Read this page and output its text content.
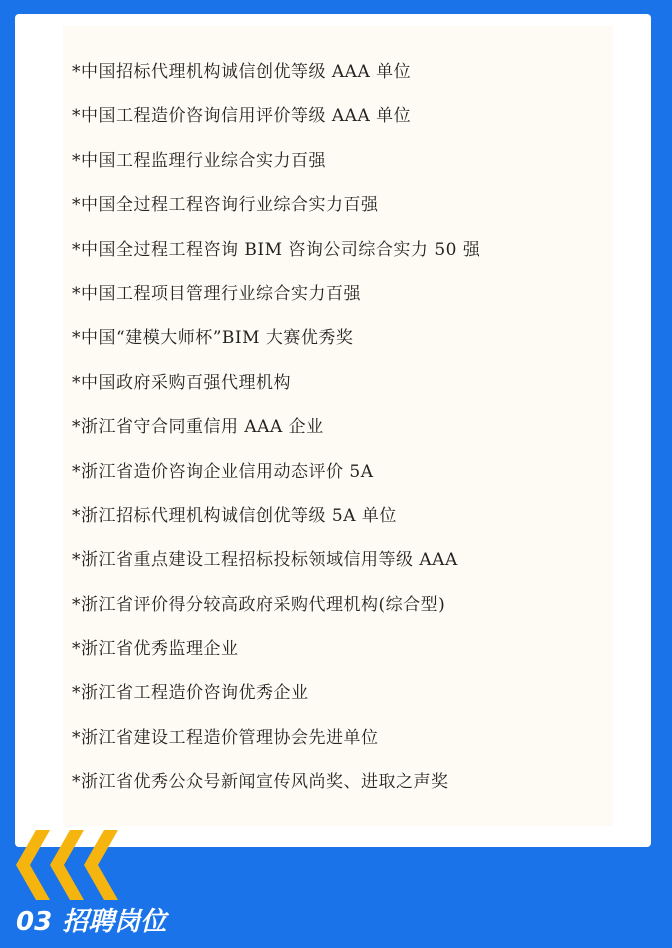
*中国招标代理机构诚信创优等级 AAA 单位
*中国工程造价咨询信用评价等级 AAA 单位
*中国工程监理行业综合实力百强
*中国全过程工程咨询行业综合实力百强
*中国全过程工程咨询 BIM 咨询公司综合实力 50 强
*中国工程项目管理行业综合实力百强
*中国“建模大师杯”BIM 大赛优秀奖
*中国政府采购百强代理机构
*浙江省守合同重信用 AAA 企业
*浙江省造价咨询企业信用动态评价 5A
*浙江招标代理机构诚信创优等级 5A 单位
*浙江省重点建设工程招标投标领域信用等级 AAA
*浙江省评价得分较高政府采购代理机构(综合型)
*浙江省优秀监理企业
*浙江省工程造价咨询优秀企业
*浙江省建设工程造价管理协会先进单位
*浙江省优秀公众号新闻宣传风尚奖、进取之声奖
03 招聘岗位
